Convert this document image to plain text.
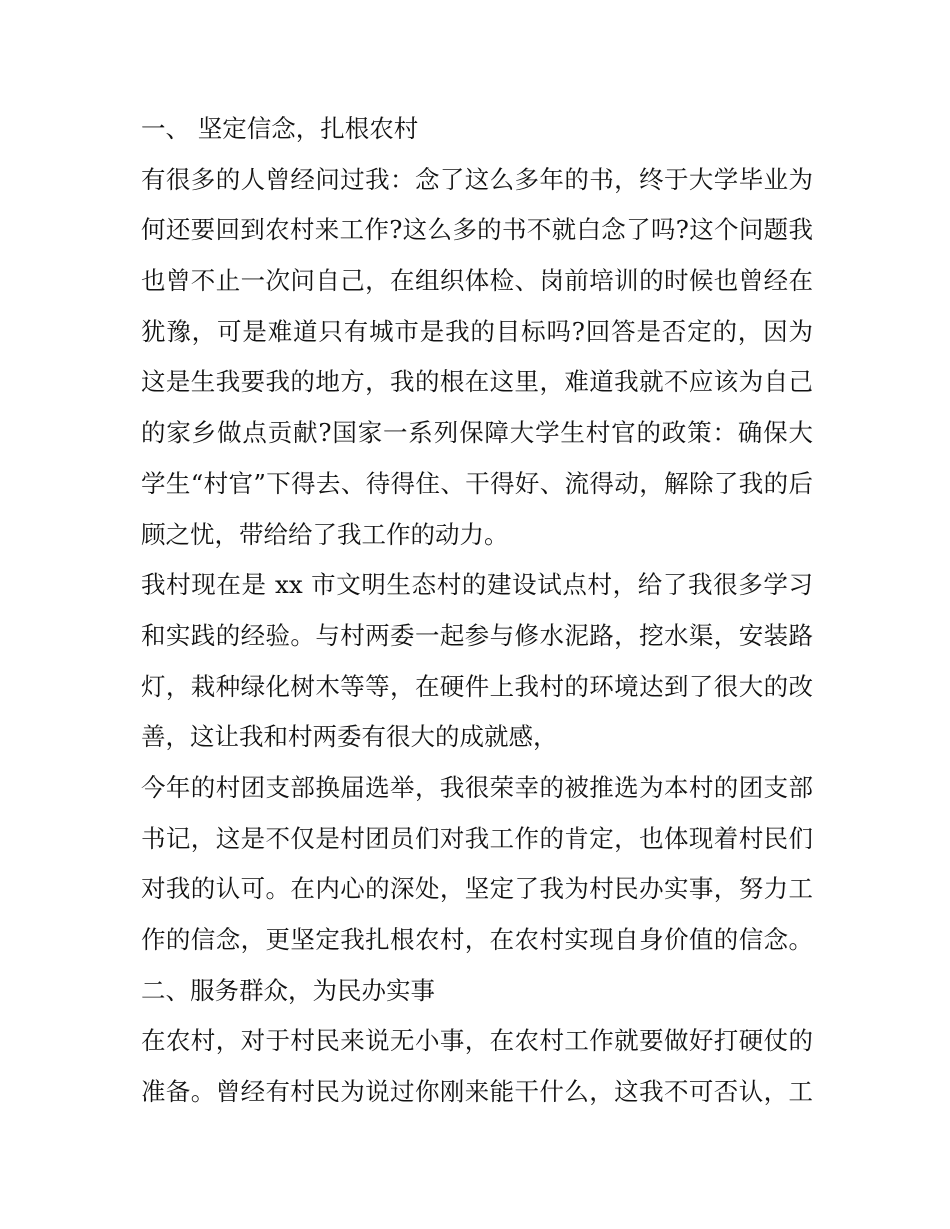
一、 坚定信念，扎根农村
有很多的人曾经问过我：念了这么多年的书，终于大学毕业为
何还要回到农村来工作?这么多的书不就白念了吗?这个问题我
也曾不止一次问自己，在组织体检、岗前培训的时候也曾经在
犹豫，可是难道只有城市是我的目标吗?回答是否定的，因为
这是生我要我的地方，我的根在这里，难道我就不应该为自己
的家乡做点贡献?国家一系列保障大学生村官的政策：确保大
学生“村官”下得去、待得住、干得好、流得动，解除了我的后
顾之忧，带给给了我工作的动力。
我村现在是 xx 市文明生态村的建设试点村，给了我很多学习
和实践的经验。与村两委一起参与修水泥路，挖水渠，安装路
灯，栽种绿化树木等等，在硬件上我村的环境达到了很大的改
善，这让我和村两委有很大的成就感，
今年的村团支部换届选举，我很荣幸的被推选为本村的团支部
书记，这是不仅是村团员们对我工作的肯定，也体现着村民们
对我的认可。在内心的深处，坚定了我为村民办实事，努力工
作的信念，更坚定我扎根农村，在农村实现自身价值的信念。
二、服务群众，为民办实事
在农村，对于村民来说无小事，在农村工作就要做好打硬仗的
准备。曾经有村民为说过你刚来能干什么，这我不可否认，工
